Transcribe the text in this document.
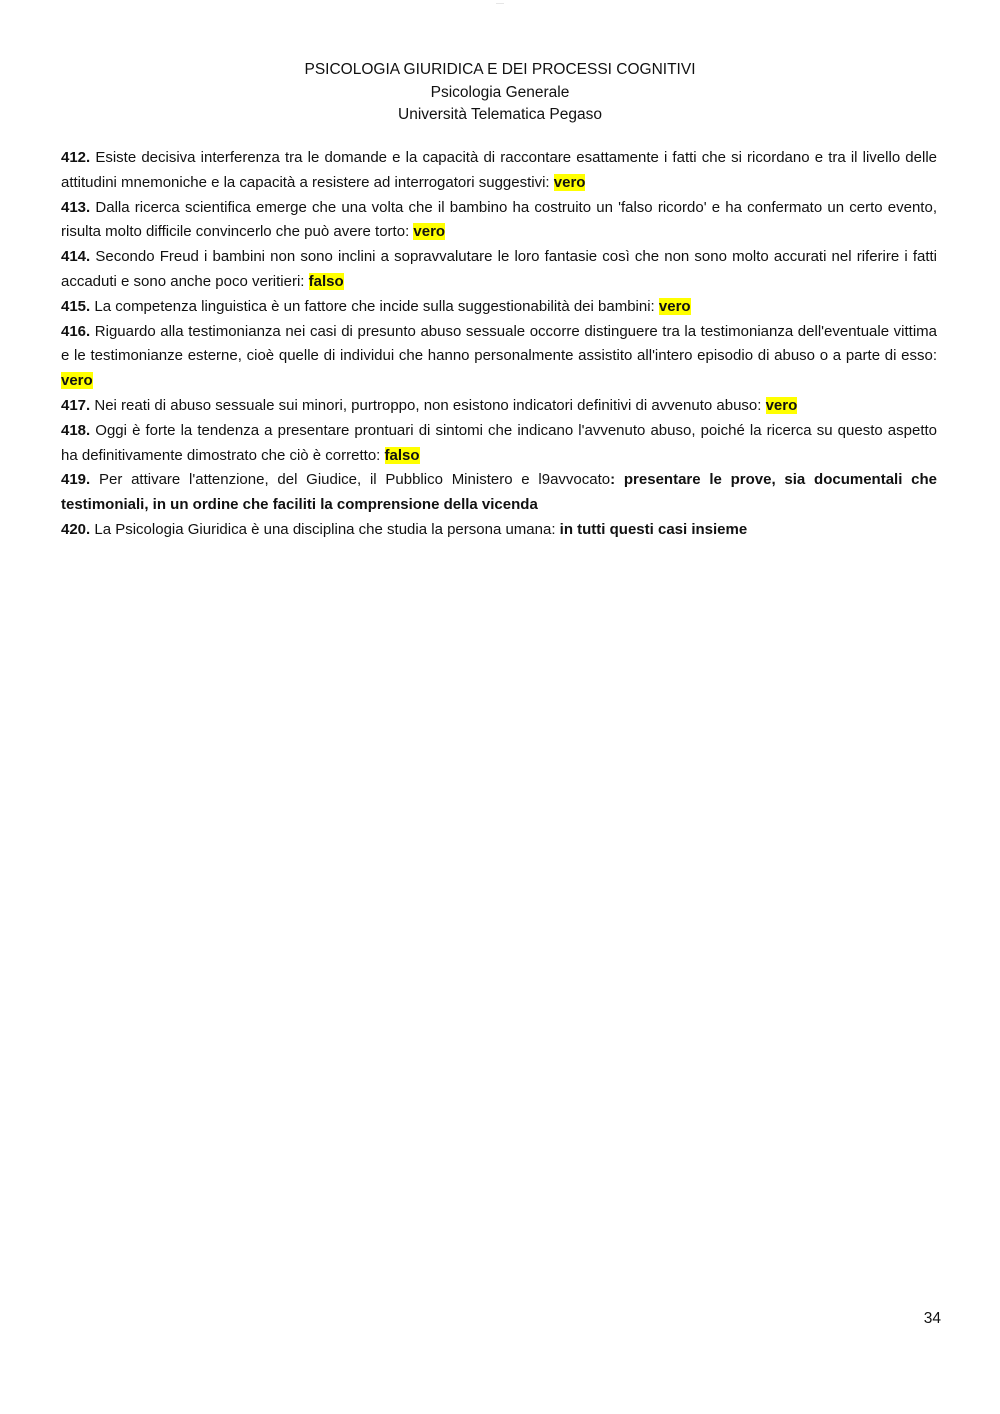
——
PSICOLOGIA GIURIDICA E DEI PROCESSI COGNITIVI
Psicologia Generale
Università Telematica Pegaso

412. Esiste decisiva interferenza tra le domande e la capacità di raccontare esattamente i fatti che si ricordano e tra il livello delle attitudini mnemoniche e la capacità a resistere ad interrogatori suggestivi: vero

413. Dalla ricerca scientifica emerge che una volta che il bambino ha costruito un 'falso ricordo' e ha confermato un certo evento, risulta molto difficile convincerlo che può avere torto: vero

414. Secondo Freud i bambini non sono inclini a sopravvalutare le loro fantasie così che non sono molto accurati nel riferire i fatti accaduti e sono anche poco veritieri: falso

415. La competenza linguistica è un fattore che incide sulla suggestionabilità dei bambini: vero

416. Riguardo alla testimonianza nei casi di presunto abuso sessuale occorre distinguere tra la testimonianza dell'eventuale vittima e le testimonianze esterne, cioè quelle di individui che hanno personalmente assistito all'intero episodio di abuso o a parte di esso: vero

417. Nei reati di abuso sessuale sui minori, purtroppo, non esistono indicatori definitivi di avvenuto abuso: vero

418. Oggi è forte la tendenza a presentare prontuari di sintomi che indicano l'avvenuto abuso, poiché la ricerca su questo aspetto ha definitivamente dimostrato che ciò è corretto: falso

419. Per attivare l'attenzione, del Giudice, il Pubblico Ministero e l9avvocato: presentare le prove, sia documentali che testimoniali, in un ordine che faciliti la comprensione della vicenda

420. La Psicologia Giuridica è una disciplina che studia la persona umana: in tutti questi casi insieme

34
